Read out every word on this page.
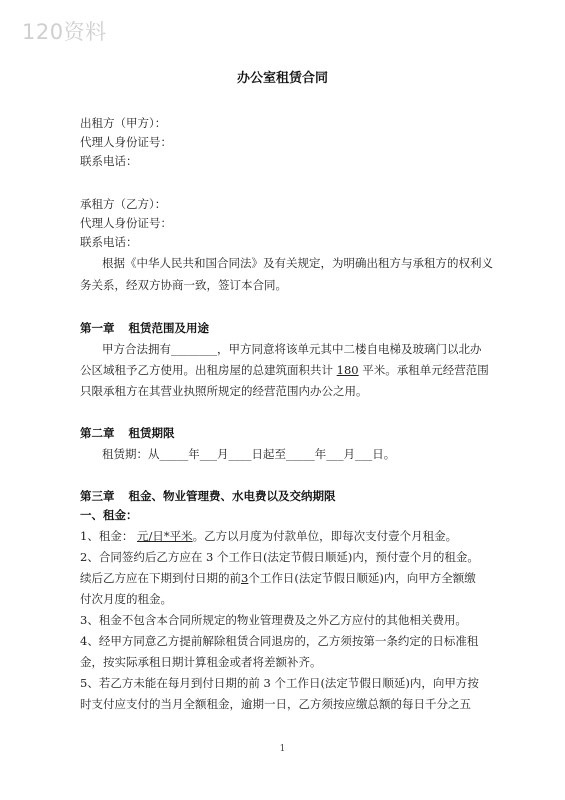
120资料
办公室租赁合同
出租方（甲方）：
代理人身份证号：
联系电话：
承租方（乙方）：
代理人身份证号：
联系电话：
根据《中华人民共和国合同法》及有关规定，为明确出租方与承租方的权利义
务关系，经双方协商一致，签订本合同。
第一章 租赁范围及用途
甲方合法拥有________，甲方同意将该单元其中二楼自电梯及玻璃门以北办
公区域租予乙方使用。出租房屋的总建筑面积共计 180 平米。承租单元经营范围
只限承租方在其营业执照所规定的经营范围内办公之用。
第二章 租赁期限
租赁期：从_____年___月____日起至_____年___月___日。
第三章 租金、物业管理费、水电费以及交纳期限
一、租金：
1、租金： 元/日*平米。乙方以月度为付款单位，即每次支付壹个月租金。
2、合同签约后乙方应在 3 个工作日(法定节假日顺延)内，预付壹个月的租金。
续后乙方应在下期到付日期的前3个工作日(法定节假日顺延)内，向甲方全额缴
付次月度的租金。
3、租金不包含本合同所规定的物业管理费及之外乙方应付的其他相关费用。
4、经甲方同意乙方提前解除租赁合同退房的，乙方须按第一条约定的日标准租
金，按实际承租日期计算租金或者将差额补齐。
5、若乙方未能在每月到付日期的前 3 个工作日(法定节假日顺延)内，向甲方按
时支付应支付的当月全额租金，逾期一日，乙方须按应缴总额的每日千分之五
1
